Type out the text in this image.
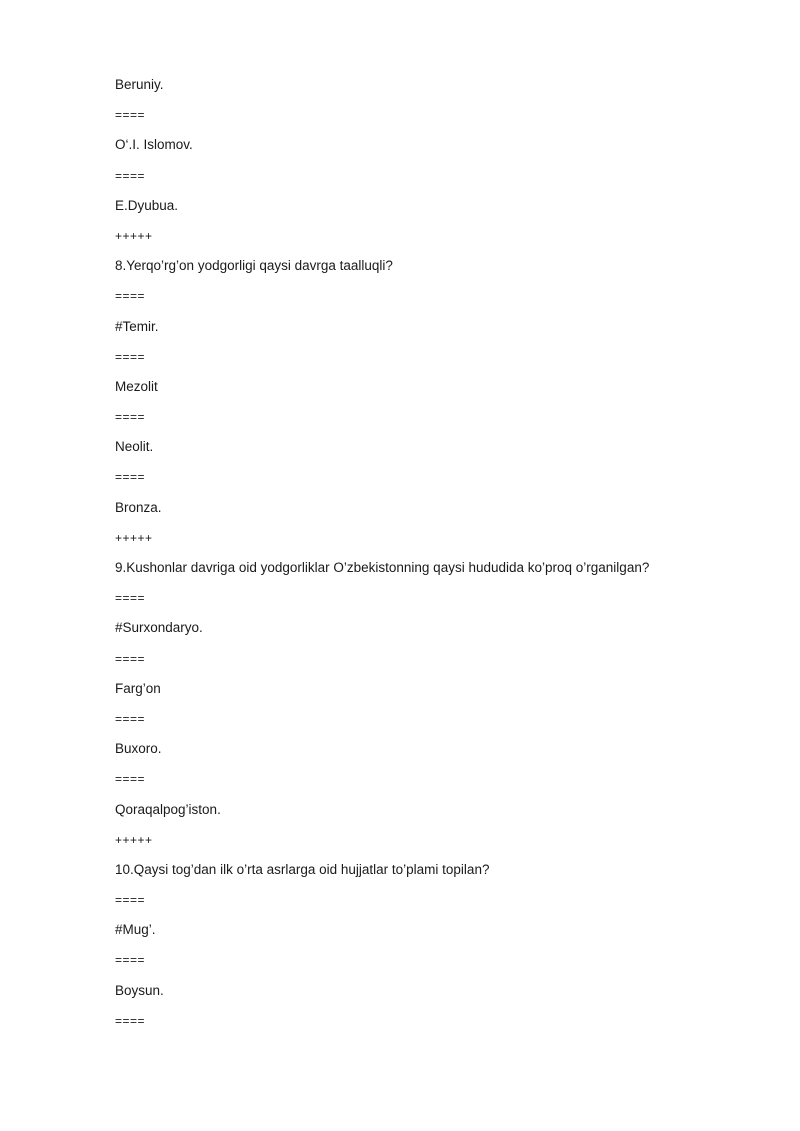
Beruniy.
====
O‘.I. Islomov.
====
E.Dyubua.
+++++
8.Yerqo’rg’on yodgorligi qaysi davrga taalluqli?
====
#Temir.
====
Mezolit
====
Neolit.
====
Bronza.
+++++
9.Kushonlar davriga oid yodgorliklar O’zbekistonning qaysi hududida ko’proq o’rganilgan?
====
#Surxondaryo.
====
Farg’on
====
Buxoro.
====
Qoraqalpog’iston.
+++++
10.Qaysi tog’dan ilk o’rta asrlarga oid hujjatlar to’plami topilan?
====
#Mug’.
====
Boysun.
====
